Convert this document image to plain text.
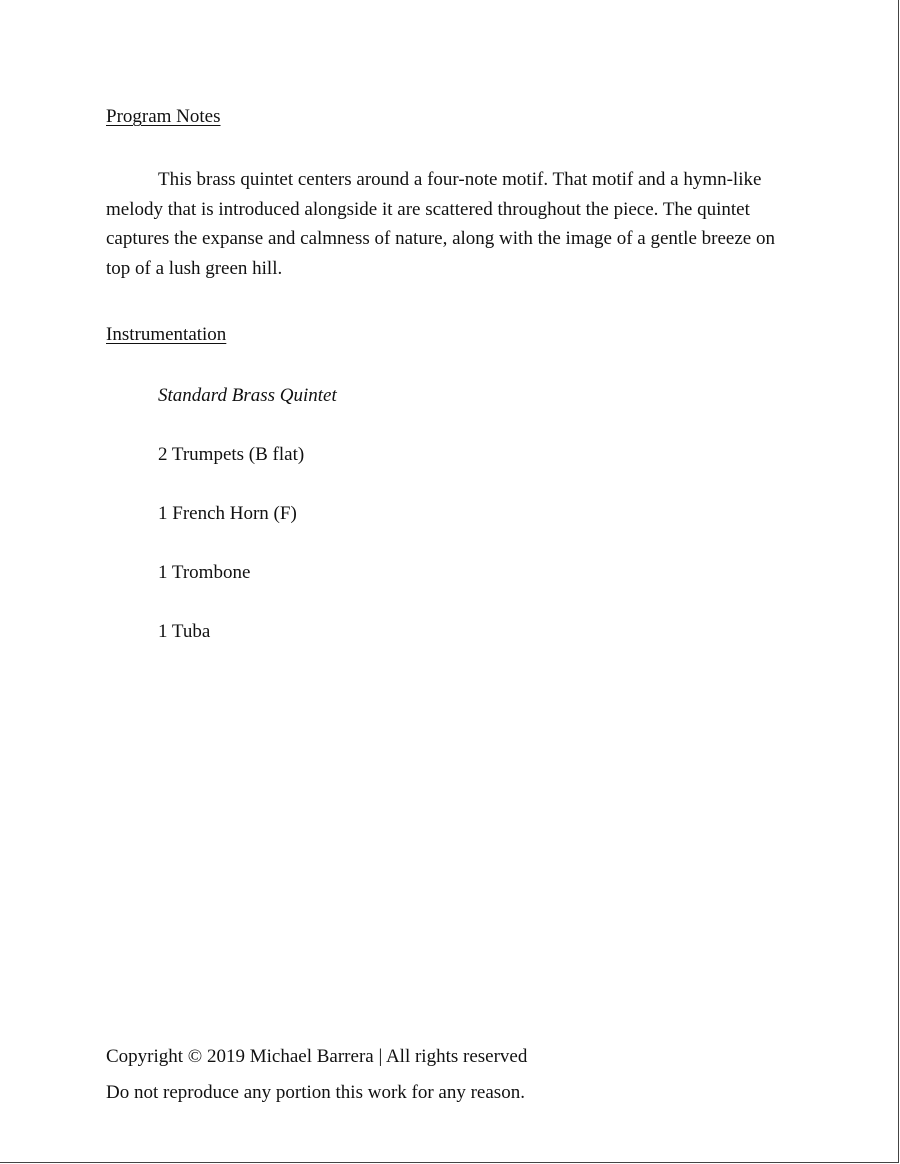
Program Notes

This brass quintet centers around a four-note motif. That motif and a hymn-like melody that is introduced alongside it are scattered throughout the piece. The quintet captures the expanse and calmness of nature, along with the image of a gentle breeze on top of a lush green hill.

Instrumentation
Standard Brass Quintet
2 Trumpets (B flat)
1 French Horn (F)
1 Trombone
1 Tuba
Copyright © 2019 Michael Barrera | All rights reserved
Do not reproduce any portion this work for any reason.
